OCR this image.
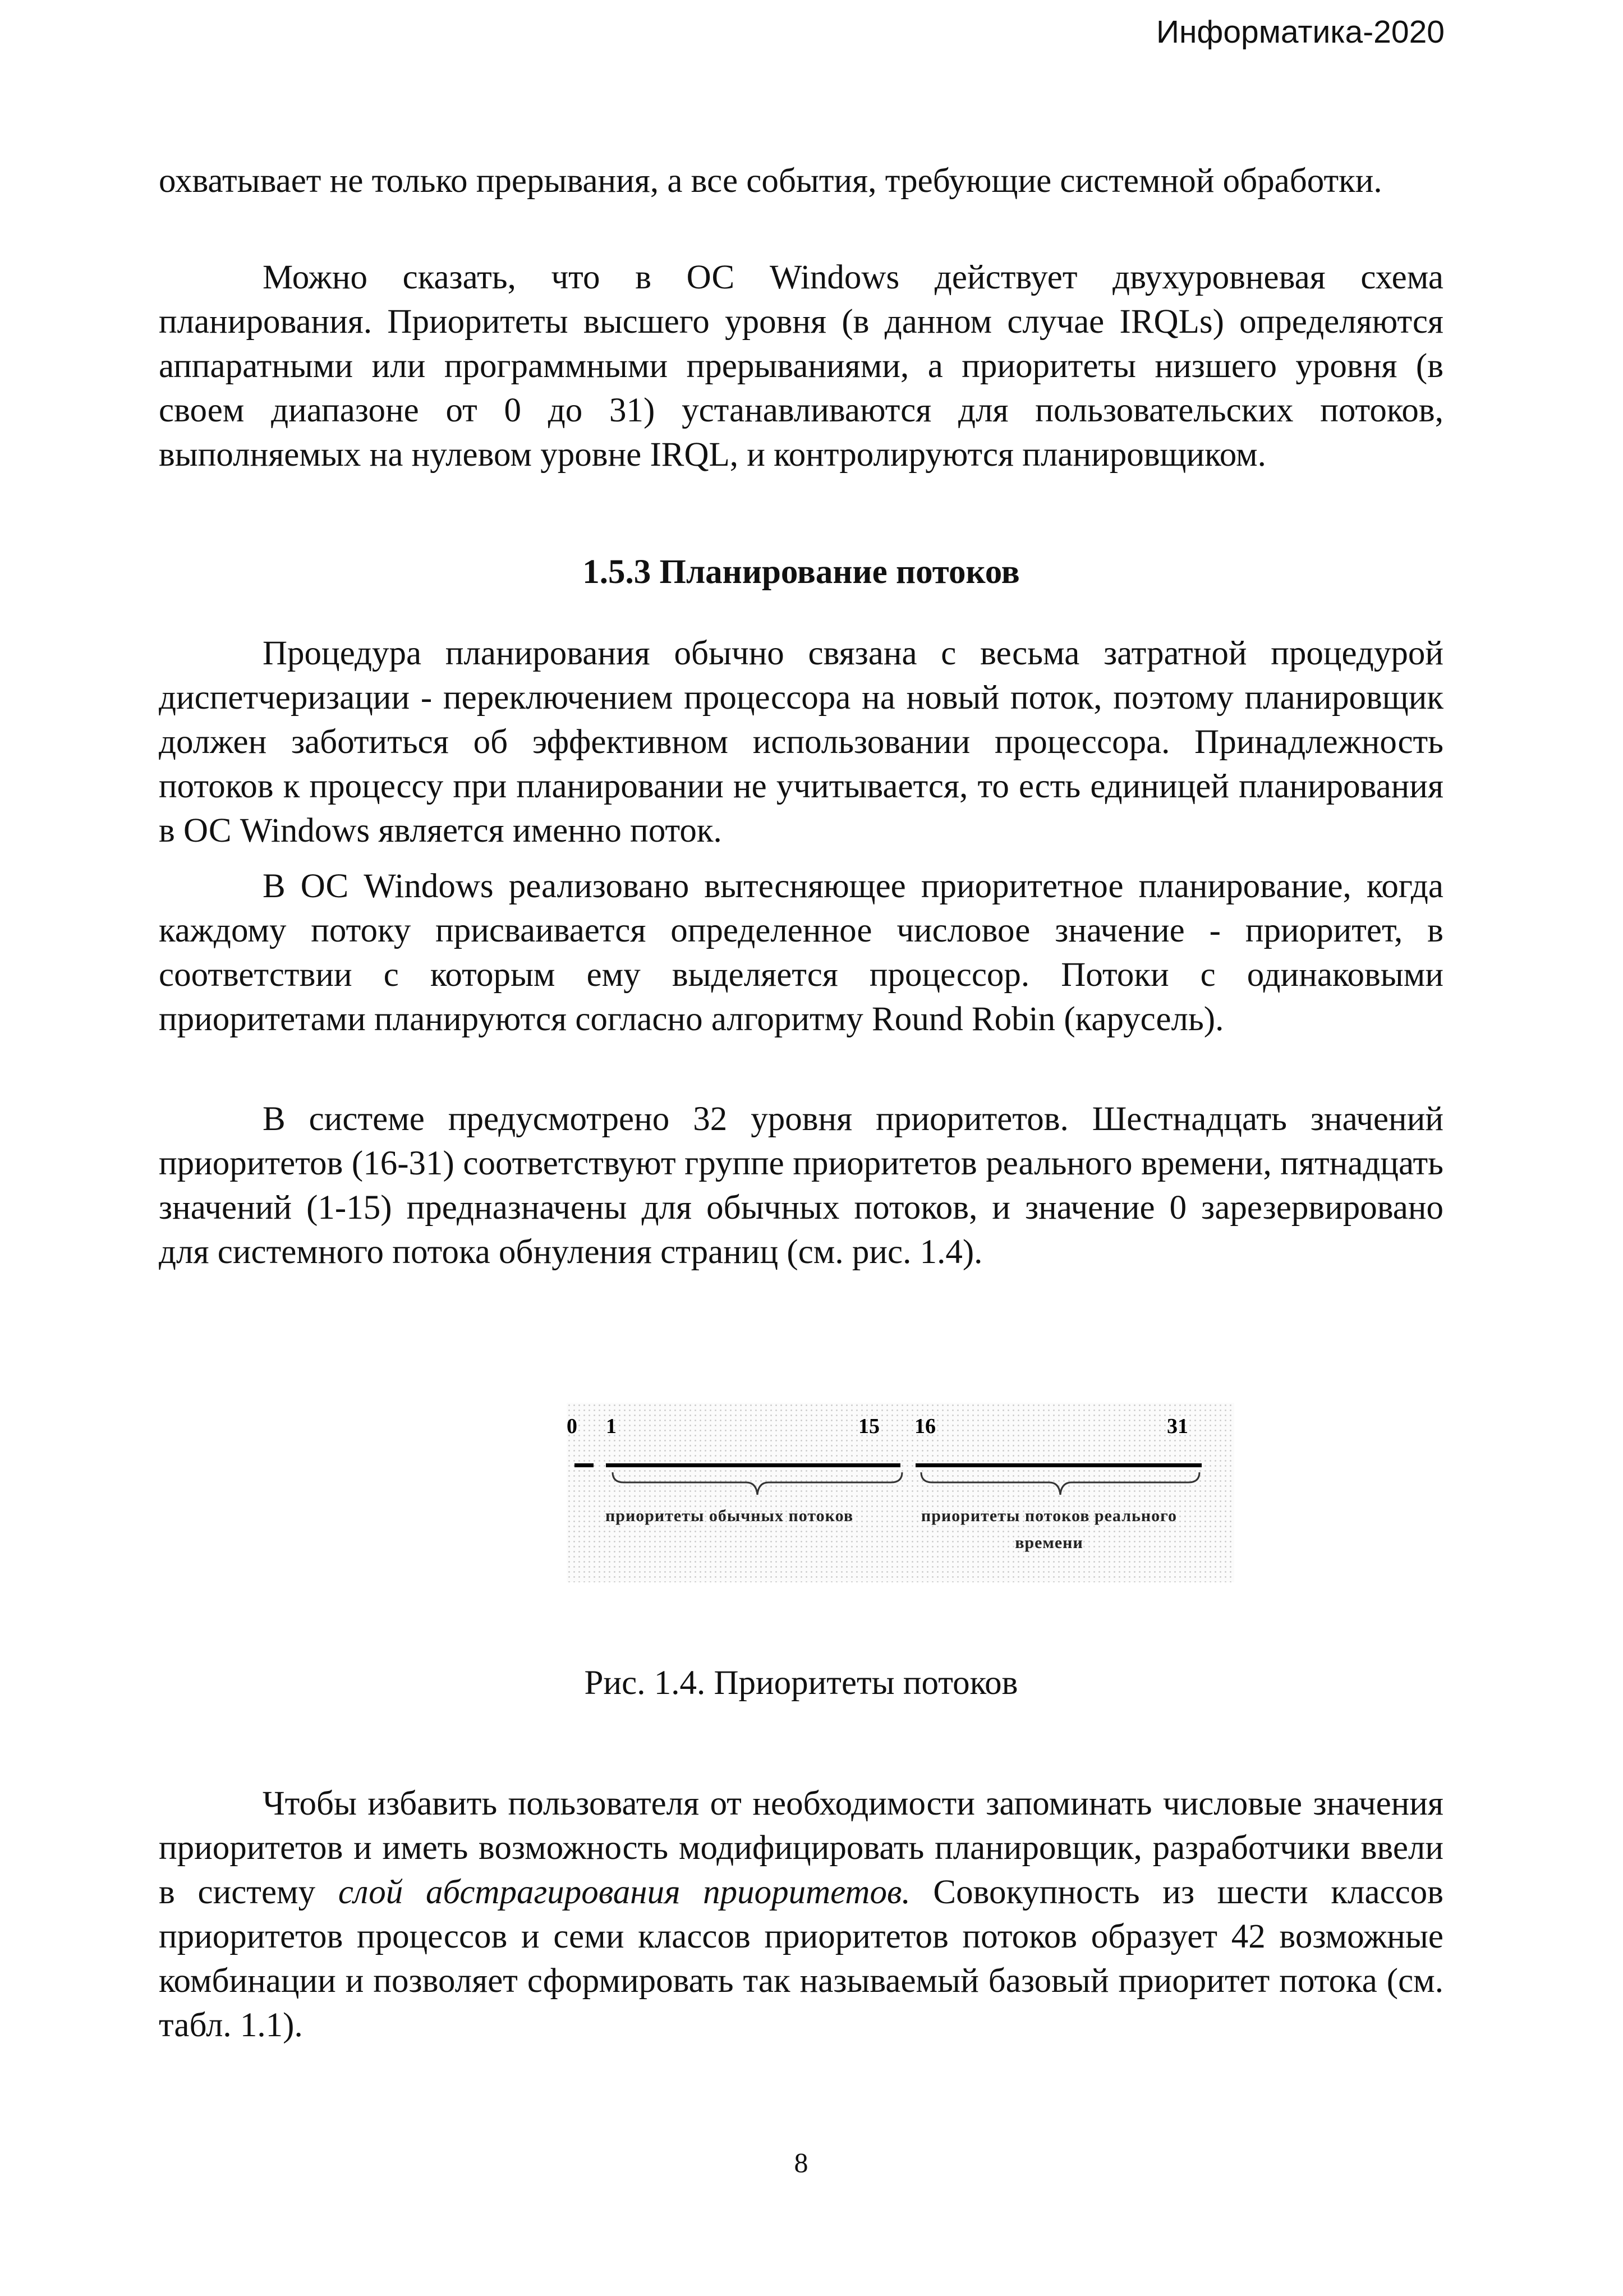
Информатика-2020

охватывает не только прерывания, а все события, требующие системной обработки.

Можно сказать, что в ОС Windows действует двухуровневая схема планирования. Приоритеты высшего уровня (в данном случае IRQLs) определяются аппаратными или программными прерываниями, а приоритеты низшего уровня (в своем диапазоне от 0 до 31) устанавливаются для пользовательских потоков, выполняемых на нулевом уровне IRQL, и контролируются планировщиком.

1.5.3 Планирование потоков

Процедура планирования обычно связана с весьма затратной процедурой диспетчеризации - переключением процессора на новый поток, поэтому планировщик должен заботиться об эффективном использовании процессора. Принадлежность потоков к процессу при планировании не учитывается, то есть единицей планирования в ОС Windows является именно поток.

В ОС Windows реализовано вытесняющее приоритетное планирование, когда каждому потоку присваивается определенное числовое значение - приоритет, в соответствии с которым ему выделяется процессор. Потоки с одинаковыми приоритетами планируются согласно алгоритму Round Robin (карусель).

В системе предусмотрено 32 уровня приоритетов. Шестнадцать значений приоритетов (16-31) соответствуют группе приоритетов реального времени, пятнадцать значений (1-15) предназначены для обычных потоков, и значение 0 зарезервировано для системного потока обнуления страниц (см. рис. 1.4).

0 1	15 16	31
приоритеты обычных потоков	приоритеты потоков реального времени
Рис. 1.4. Приоритеты потоков

Чтобы избавить пользователя от необходимости запоминать числовые значения приоритетов и иметь возможность модифицировать планировщик, разработчики ввели в систему слой абстрагирования приоритетов. Совокупность из шести классов приоритетов процессов и семи классов приоритетов потоков образует 42 возможные комбинации и позволяет сформировать так называемый базовый приоритет потока (см. табл. 1.1).

8
